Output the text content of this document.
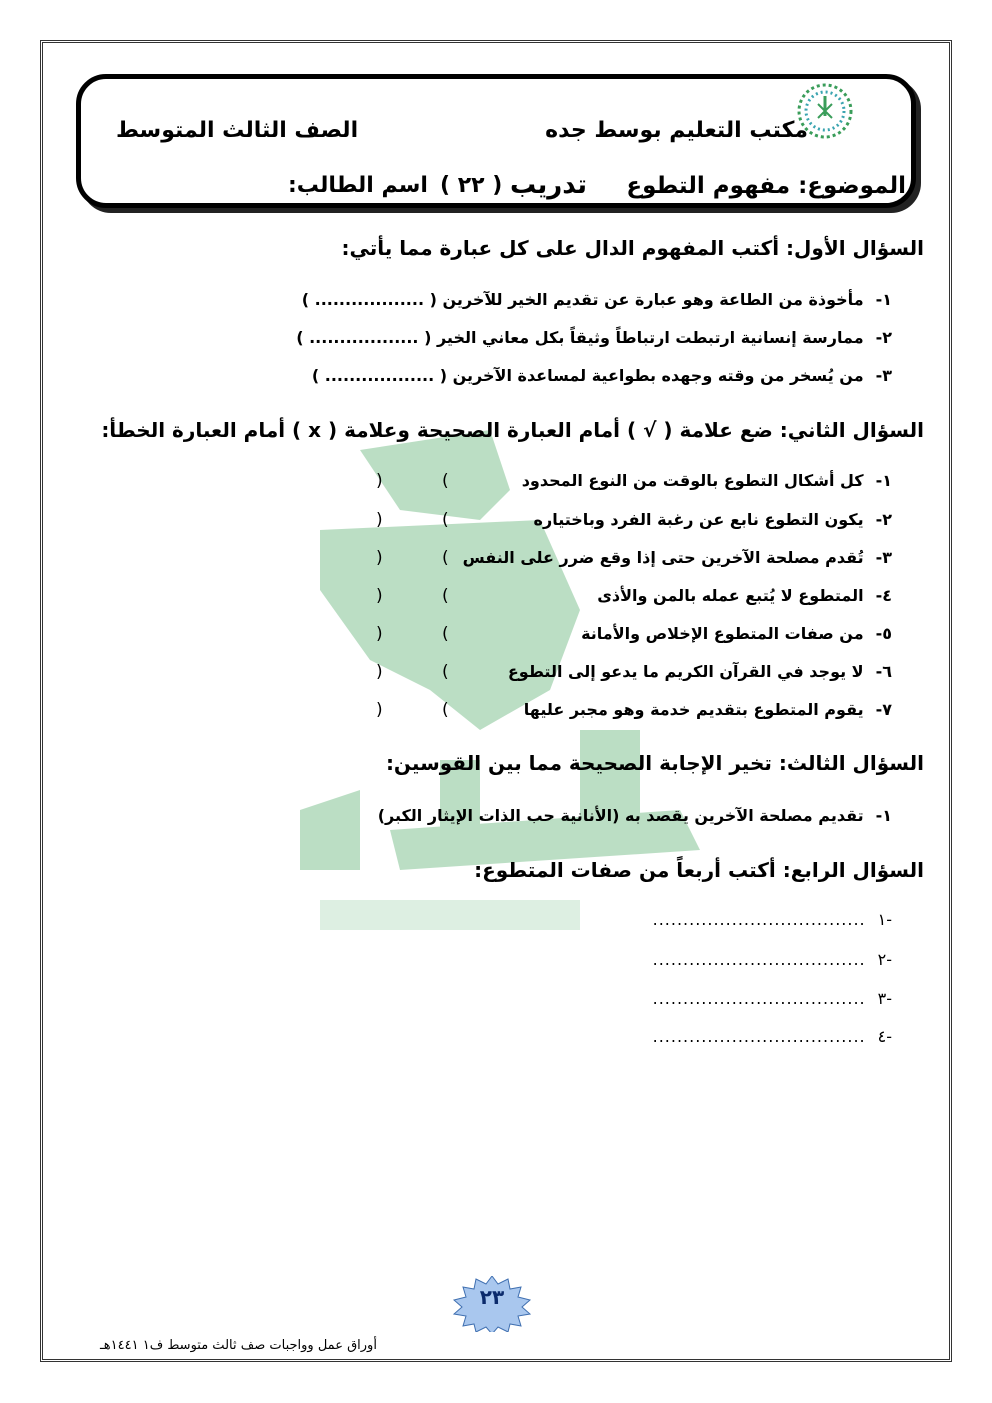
مكتب التعليم بوسط جده
الصف الثالث المتوسط
الموضوع: مفهوم التطوع
تدريب
( ٢٢ )
اسم الطالب:
السؤال الأول: أكتب المفهوم الدال على كل عبارة مما يأتي:
١-مأخوذة من الطاعة وهو عبارة عن تقديم الخير للآخرين ( .................. )
٢-ممارسة إنسانية ارتبطت ارتباطاً وثيقاً بكل معاني الخير ( .................. )
٣-من يُسخر من وقته وجهده بطواعية لمساعدة الآخرين ( .................. )
السؤال الثاني: ضع علامة ( √ ) أمام العبارة الصحيحة وعلامة ( x ) أمام العبارة الخطأ:
١-كل أشكال التطوع بالوقت من النوع المحدود
(
)
٢-يكون التطوع نابع عن رغبة الفرد وباختياره
(
)
٣-تُقدم مصلحة الآخرين حتى إذا وقع ضرر على النفس
(
)
٤-المتطوع لا يُتبع عمله بالمن والأذى
(
)
٥-من صفات المتطوع الإخلاص والأمانة
(
)
٦-لا يوجد في القرآن الكريم ما يدعو إلى التطوع
(
)
٧-يقوم المتطوع بتقديم خدمة وهو مجبر عليها
(
)
السؤال الثالث: تخير الإجابة الصحيحة مما بين القوسين:
١-تقديم مصلحة الآخرين يقصد به (الأنانية حب الذات الإيثار الكبر)
السؤال الرابع: أكتب أربعاً من صفات المتطوع:
-١...................................
-٢...................................
-٣...................................
-٤...................................
٢٣
أوراق عمل وواجبات صف ثالث متوسط ف١ ١٤٤١هـ
